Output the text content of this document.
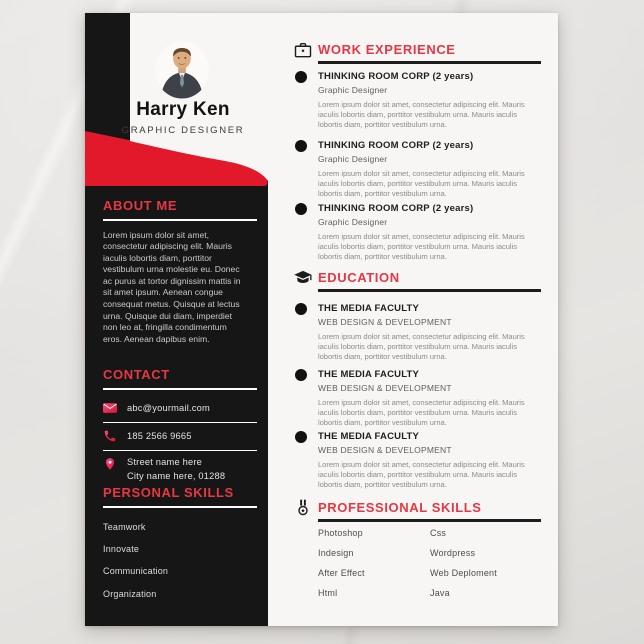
Harry Ken
GRAPHIC DESIGNER
ABOUT ME
Lorem ipsum dolor sit amet,
consectetur adipiscing elit. Mauris
iaculis lobortis diam, porttitor
vestibulum urna molestie eu. Donec
ac purus at tortor dignissim mattis in
sit amet ipsum. Aenean congue
consequat metus. Quisque at lectus
urna. Quisque dui diam, imperdiet
non leo at, fringilla condimentum
eros. Aenean dapibus enim.
CONTACT
abc@yourmail.com
185 2566 9665
Street name here
City name here, 01288
PERSONAL SKILLS
Teamwork
Innovate
Communication
Organization
WORK EXPERIENCE
THINKING ROOM CORP (2 years)
Graphic Designer
Lorem ipsum dolor sit amet, consectetur adipiscing elit. Mauris
iaculis lobortis diam, porttitor vestibulum urna. Mauris iaculis
lobortis diam, porttitor vestibulum urna.
THINKING ROOM CORP (2 years)
Graphic Designer
Lorem ipsum dolor sit amet, consectetur adipiscing elit. Mauris
iaculis lobortis diam, porttitor vestibulum urna. Mauris iaculis
lobortis diam, porttitor vestibulum urna.
THINKING ROOM CORP (2 years)
Graphic Designer
Lorem ipsum dolor sit amet, consectetur adipiscing elit. Mauris
iaculis lobortis diam, porttitor vestibulum urna. Mauris iaculis
lobortis diam, porttitor vestibulum urna.
EDUCATION
THE MEDIA FACULTY
WEB DESIGN & DEVELOPMENT
Lorem ipsum dolor sit amet, consectetur adipiscing elit. Mauris
iaculis lobortis diam, porttitor vestibulum urna. Mauris iaculis
lobortis diam, porttitor vestibulum urna.
THE MEDIA FACULTY
WEB DESIGN & DEVELOPMENT
Lorem ipsum dolor sit amet, consectetur adipiscing elit. Mauris
iaculis lobortis diam, porttitor vestibulum urna. Mauris iaculis
lobortis diam, porttitor vestibulum urna.
THE MEDIA FACULTY
WEB DESIGN & DEVELOPMENT
Lorem ipsum dolor sit amet, consectetur adipiscing elit. Mauris
iaculis lobortis diam, porttitor vestibulum urna. Mauris iaculis
lobortis diam, porttitor vestibulum urna.
PROFESSIONAL SKILLS
Photoshop
Indesign
After Effect
Html
Css
Wordpress
Web Deploment
Java
